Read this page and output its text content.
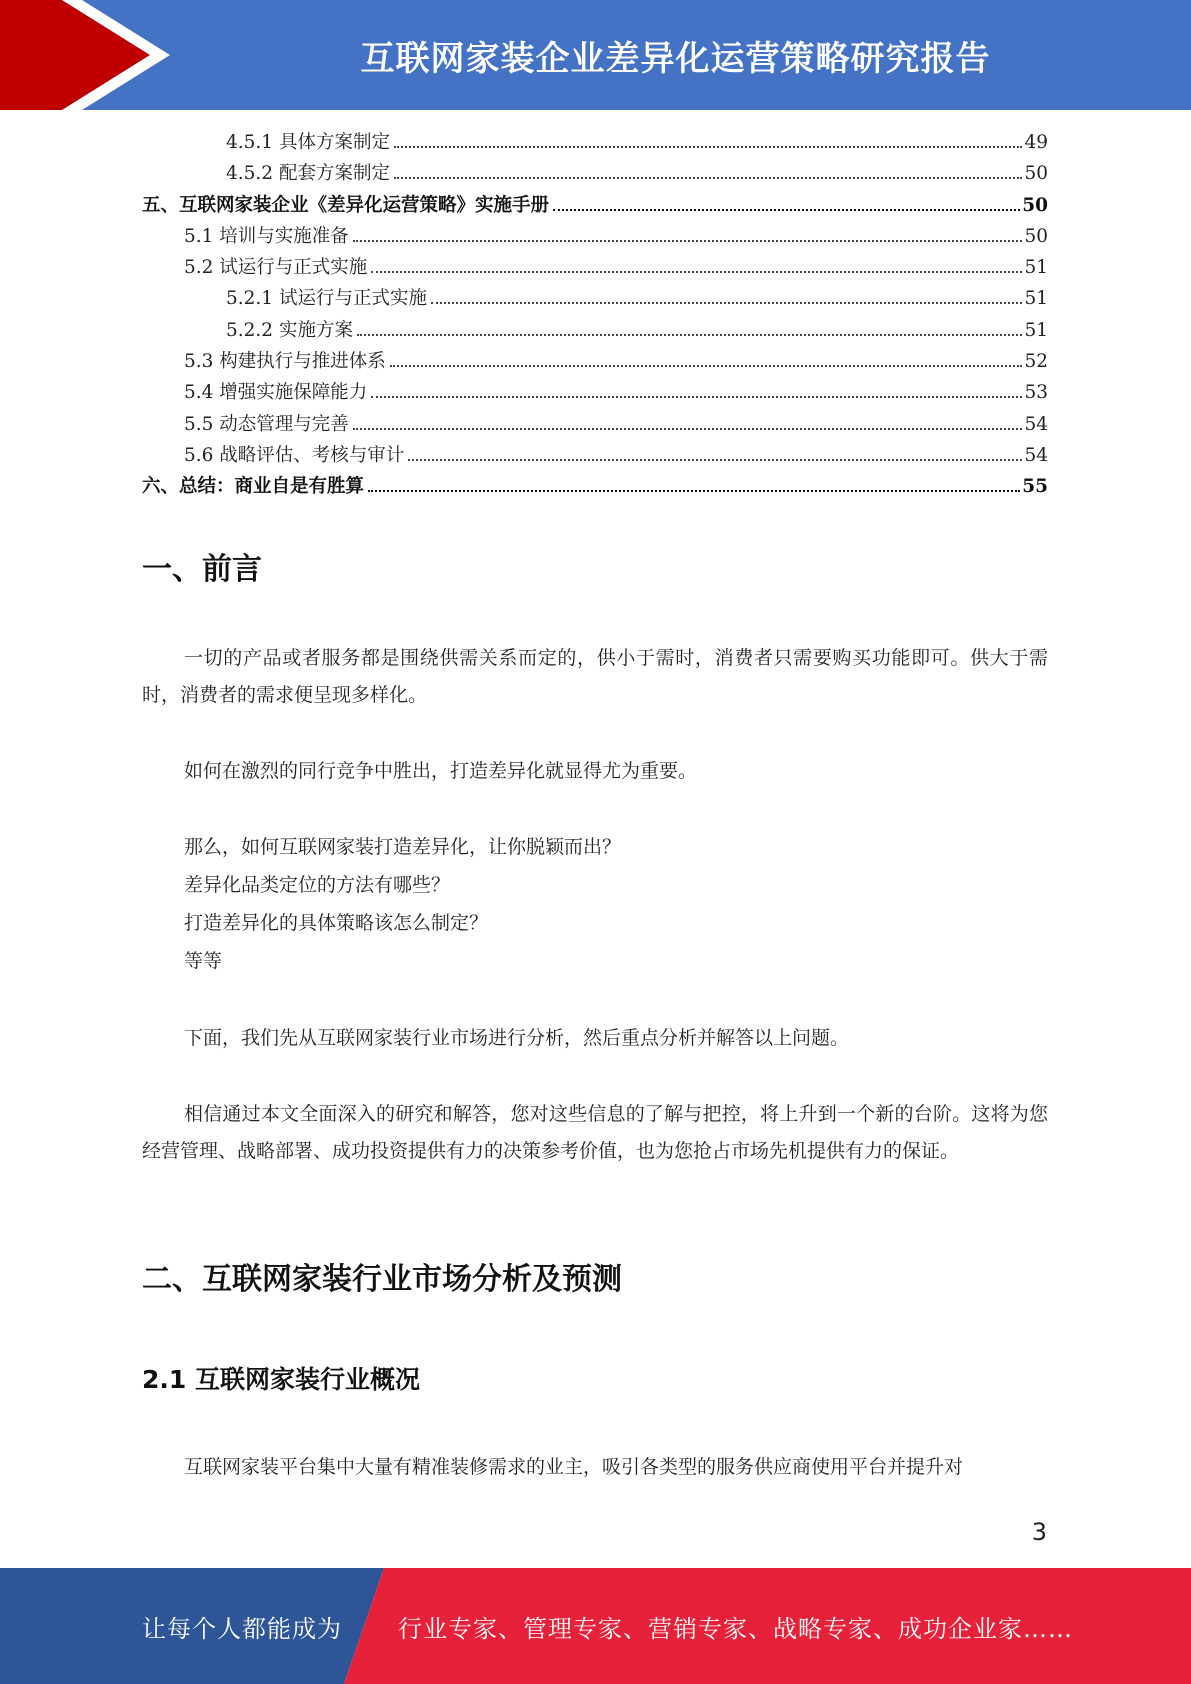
互联网家装企业差异化运营策略研究报告
4.5.1 具体方案制定	49
4.5.2 配套方案制定	50
五、互联网家装企业《差异化运营策略》实施手册	50
5.1 培训与实施准备	50
5.2 试运行与正式实施	51
5.2.1 试运行与正式实施	51
5.2.2 实施方案	51
5.3 构建执行与推进体系	52
5.4 增强实施保障能力	53
5.5 动态管理与完善	54
5.6 战略评估、考核与审计	54
六、总结：商业自是有胜算	55
一、前言
一切的产品或者服务都是围绕供需关系而定的，供小于需时，消费者只需要购买功能即可。供大于需时，消费者的需求便呈现多样化。
如何在激烈的同行竞争中胜出，打造差异化就显得尤为重要。
那么，如何互联网家装打造差异化，让你脱颖而出？
差异化品类定位的方法有哪些？
打造差异化的具体策略该怎么制定？
等等
下面，我们先从互联网家装行业市场进行分析，然后重点分析并解答以上问题。
相信通过本文全面深入的研究和解答，您对这些信息的了解与把控，将上升到一个新的台阶。这将为您经营管理、战略部署、成功投资提供有力的决策参考价值，也为您抢占市场先机提供有力的保证。
二、互联网家装行业市场分析及预测
2.1 互联网家装行业概况
互联网家装平台集中大量有精准装修需求的业主，吸引各类型的服务供应商使用平台并提升对
3
让每个人都能成为 行业专家、管理专家、营销专家、战略专家、成功企业家……
